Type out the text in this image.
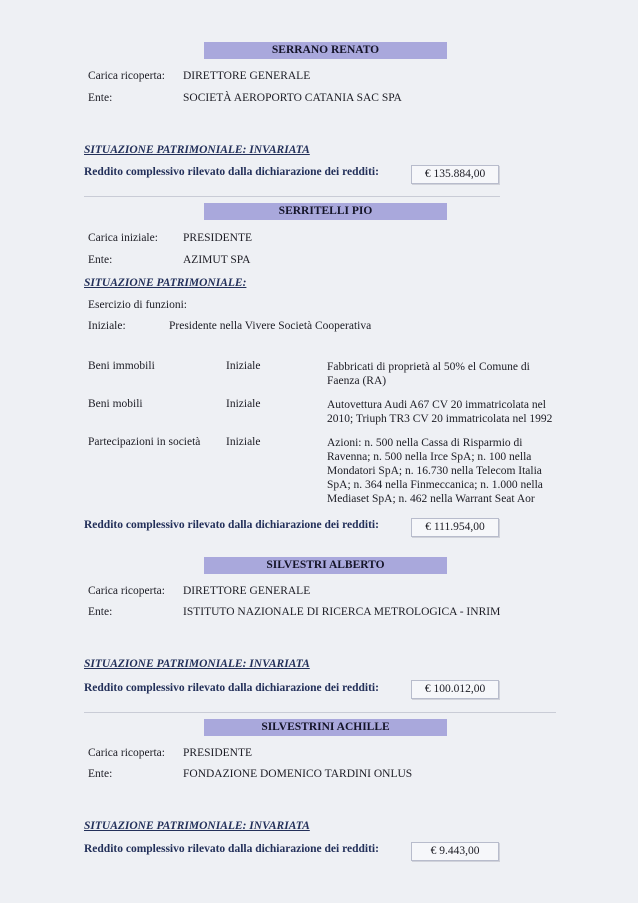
SERRANO RENATO
Carica ricoperta: DIRETTORE GENERALE
Ente:	SOCIETÀ AEROPORTO CATANIA SAC SPA
SITUAZIONE PATRIMONIALE: INVARIATA
Reddito complessivo rilevato dalla dichiarazione dei redditi:	€ 135.884,00
SERRITELLI PIO
Carica iniziale: PRESIDENTE
Ente:	AZIMUT SPA
SITUAZIONE PATRIMONIALE:
Esercizio di funzioni:
Iniziale:	Presidente nella Vivere Società Cooperativa
Beni immobili	Iniziale	Fabbricati di proprietà al 50% el Comune di
Faenza (RA)
Beni mobili	Iniziale	Autovettura Audi A67 CV 20 immatricolata nel
2010; Triuph TR3 CV 20 immatricolata nel 1992
Partecipazioni in società Iniziale	Azioni: n. 500 nella Cassa di Risparmio di
Ravenna; n. 500 nella Irce SpA; n. 100 nella
Mondatori SpA; n. 16.730 nella Telecom Italia
SpA; n. 364 nella Finmeccanica; n. 1.000 nella
Mediaset SpA; n. 462 nella Warrant Seat Aor
Reddito complessivo rilevato dalla dichiarazione dei redditi:	€ 111.954,00
SILVESTRI ALBERTO
Carica ricoperta: DIRETTORE GENERALE
Ente:	ISTITUTO NAZIONALE DI RICERCA METROLOGICA - INRIM
SITUAZIONE PATRIMONIALE: INVARIATA
Reddito complessivo rilevato dalla dichiarazione dei redditi:	€ 100.012,00
SILVESTRINI ACHILLE
Carica ricoperta: PRESIDENTE
Ente:	FONDAZIONE DOMENICO TARDINI ONLUS
SITUAZIONE PATRIMONIALE: INVARIATA
Reddito complessivo rilevato dalla dichiarazione dei redditi:	€ 9.443,00
